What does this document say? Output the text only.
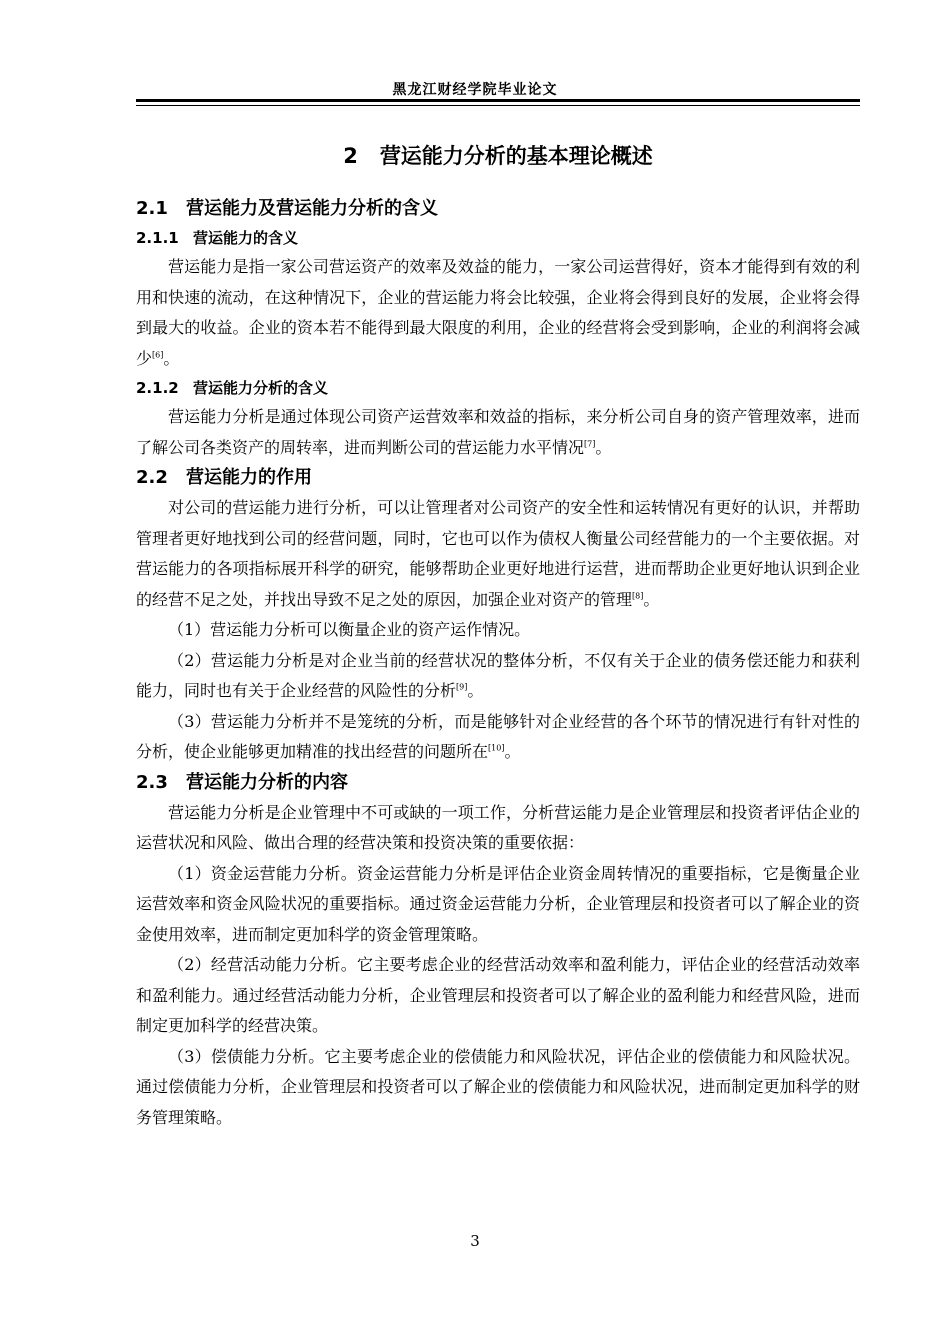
黑龙江财经学院毕业论文
2 营运能力分析的基本理论概述
2.1 营运能力及营运能力分析的含义
2.1.1 营运能力的含义

营运能力是指一家公司营运资产的效率及效益的能力，一家公司运营得好，资本才能得到有效的利用和快速的流动，在这种情况下，企业的营运能力将会比较强，企业将会得到良好的发展，企业将会得到最大的收益。企业的资本若不能得到最大限度的利用，企业的经营将会受到影响，企业的利润将会减少[6]。

2.1.2 营运能力分析的含义

营运能力分析是通过体现公司资产运营效率和效益的指标，来分析公司自身的资产管理效率，进而了解公司各类资产的周转率，进而判断公司的营运能力水平情况[7]。

2.2 营运能力的作用

对公司的营运能力进行分析，可以让管理者对公司资产的安全性和运转情况有更好的认识，并帮助管理者更好地找到公司的经营问题，同时，它也可以作为债权人衡量公司经营能力的一个主要依据。对营运能力的各项指标展开科学的研究，能够帮助企业更好地进行运营，进而帮助企业更好地认识到企业的经营不足之处，并找出导致不足之处的原因，加强企业对资产的管理[8]。

（1）营运能力分析可以衡量企业的资产运作情况。

（2）营运能力分析是对企业当前的经营状况的整体分析，不仅有关于企业的债务偿还能力和获利能力，同时也有关于企业经营的风险性的分析[9]。

（3）营运能力分析并不是笼统的分析，而是能够针对企业经营的各个环节的情况进行有针对性的分析，使企业能够更加精准的找出经营的问题所在[10]。

2.3 营运能力分析的内容

营运能力分析是企业管理中不可或缺的一项工作，分析营运能力是企业管理层和投资者评估企业的运营状况和风险、做出合理的经营决策和投资决策的重要依据：

（1）资金运营能力分析。资金运营能力分析是评估企业资金周转情况的重要指标，它是衡量企业运营效率和资金风险状况的重要指标。通过资金运营能力分析，企业管理层和投资者可以了解企业的资金使用效率，进而制定更加科学的资金管理策略。

（2）经营活动能力分析。它主要考虑企业的经营活动效率和盈利能力，评估企业的经营活动效率和盈利能力。通过经营活动能力分析，企业管理层和投资者可以了解企业的盈利能力和经营风险，进而制定更加科学的经营决策。

（3）偿债能力分析。它主要考虑企业的偿债能力和风险状况，评估企业的偿债能力和风险状况。通过偿债能力分析，企业管理层和投资者可以了解企业的偿债能力和风险状况，进而制定更加科学的财务管理策略。

3
